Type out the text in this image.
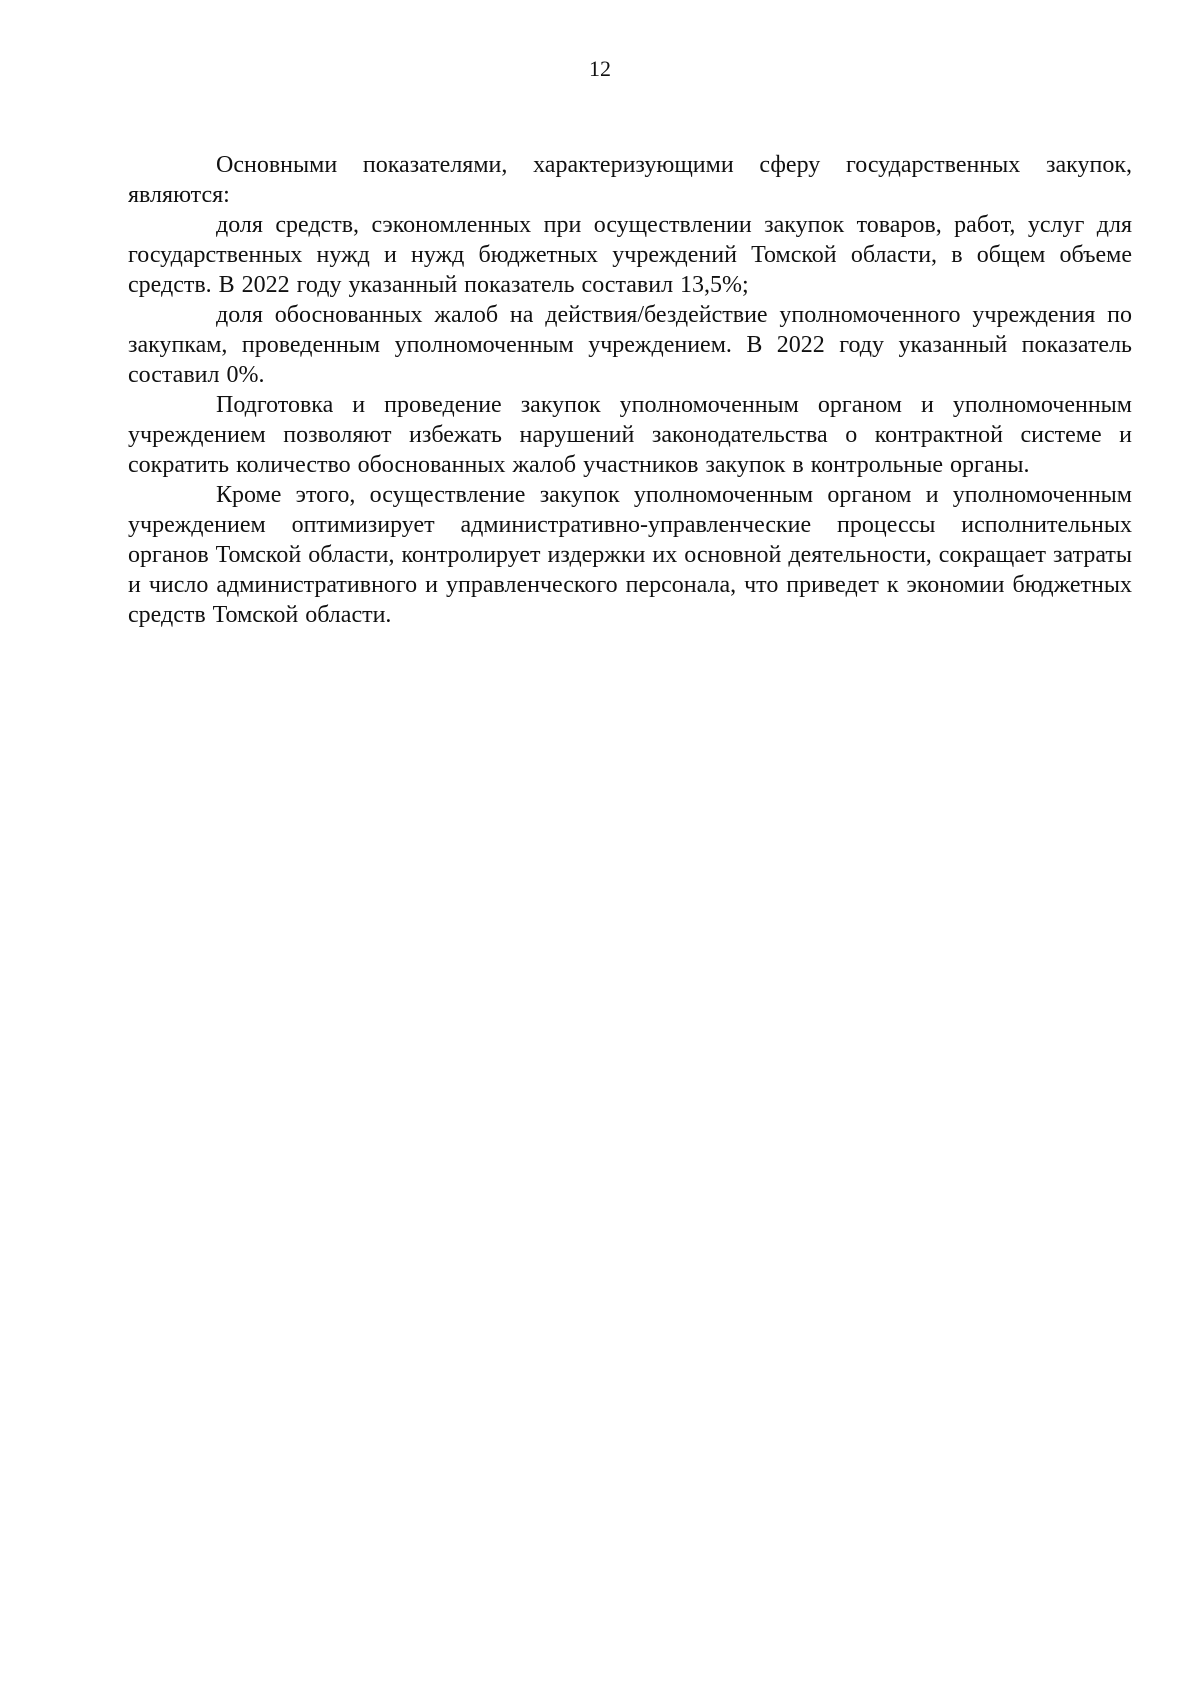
12

Основными показателями, характеризующими сферу государственных закупок, являются:

доля средств, сэкономленных при осуществлении закупок товаров, работ, услуг для государственных нужд и нужд бюджетных учреждений Томской области, в общем объеме средств. В 2022 году указанный показатель составил 13,5%;

доля обоснованных жалоб на действия/бездействие уполномоченного учреждения по закупкам, проведенным уполномоченным учреждением. В 2022 году указанный показатель составил 0%.

Подготовка и проведение закупок уполномоченным органом и уполномоченным учреждением позволяют избежать нарушений законодательства о контрактной системе и сократить количество обоснованных жалоб участников закупок в контрольные органы.

Кроме этого, осуществление закупок уполномоченным органом и уполномоченным учреждением оптимизирует административно-управленческие процессы исполнительных органов Томской области, контролирует издержки их основной деятельности, сокращает затраты и число административного и управленческого персонала, что приведет к экономии бюджетных средств Томской области.
